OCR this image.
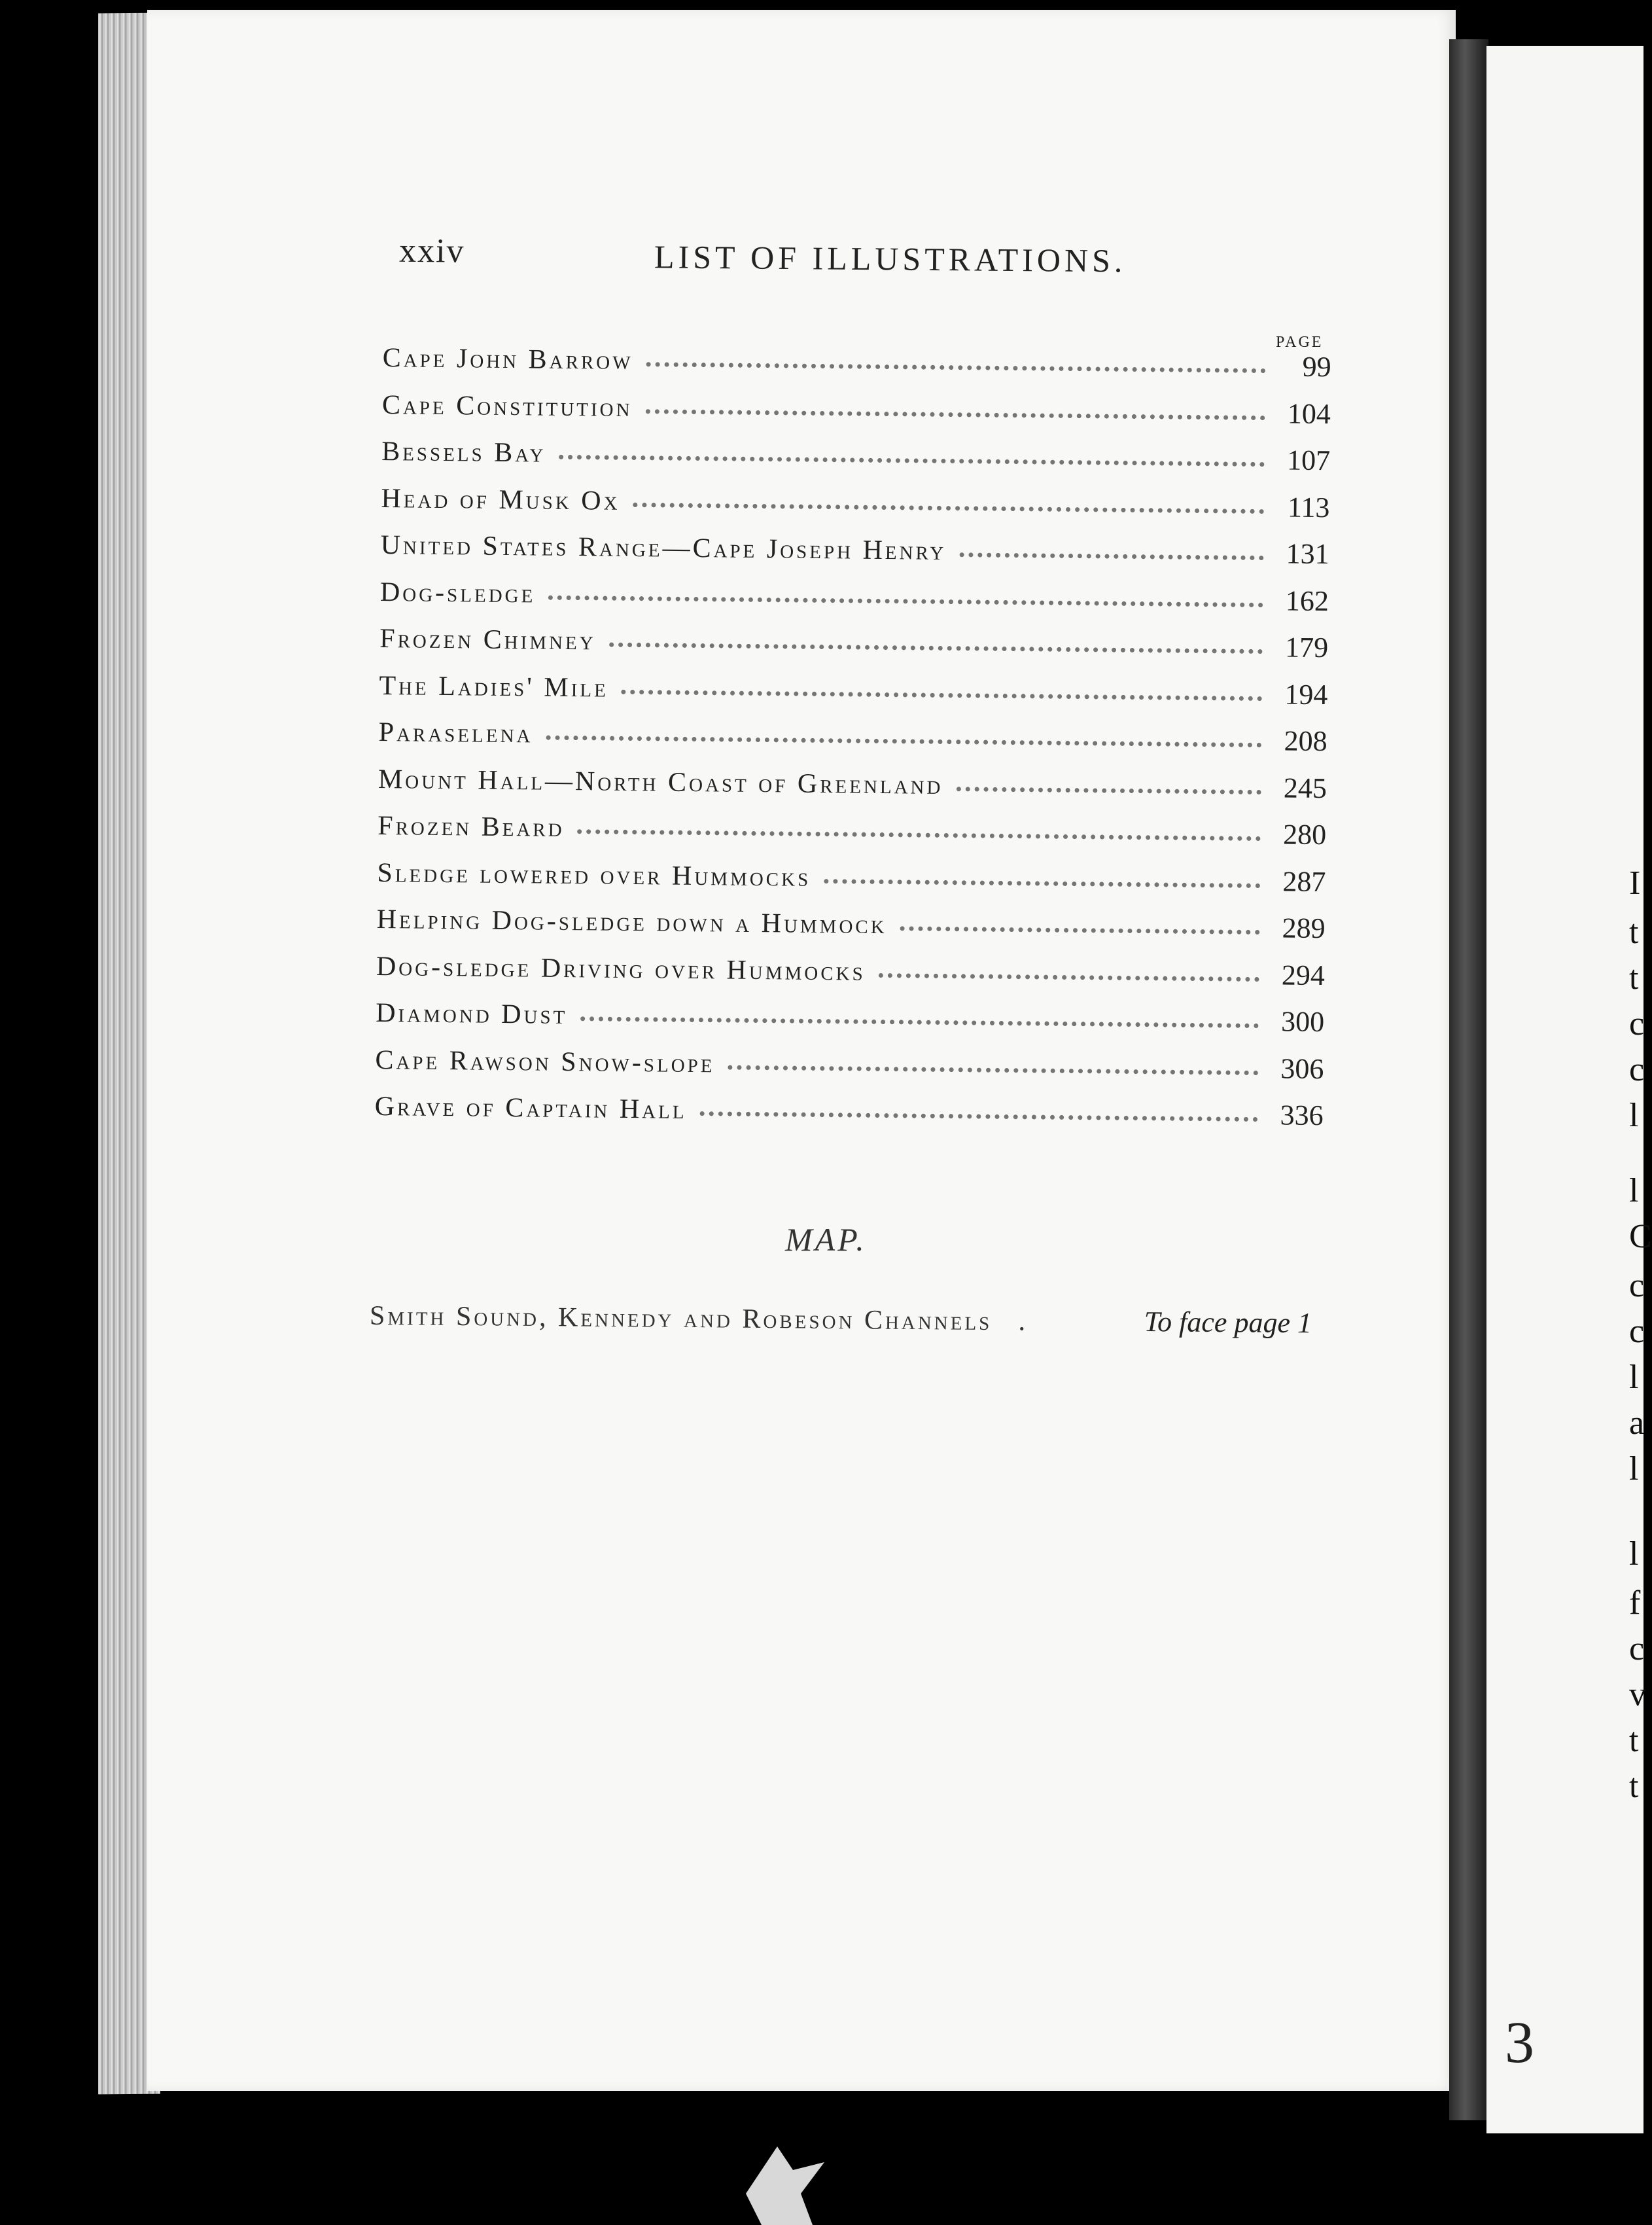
I
t
t
c
c
l
l
C
c
c
l
a
l
l
f
c
v
t
t
xxiv	LIST OF ILLUSTRATIONS.
PAGE
Cape John Barrow	99
Cape Constitution	104
Bessels Bay	107
Head of Musk Ox	113
United States Range—Cape Joseph Henry	131
Dog-sledge	162
Frozen Chimney	179
The Ladies' Mile	194
Paraselena	208
Mount Hall—North Coast of Greenland	245
Frozen Beard	280
Sledge lowered over Hummocks	287
Helping Dog-sledge down a Hummock	289
Dog-sledge Driving over Hummocks	294
Diamond Dust	300
Cape Rawson Snow-slope	306
Grave of Captain Hall	336
MAP.
Smith Sound, Kennedy and Robeson Channels .	To face page 1
3
